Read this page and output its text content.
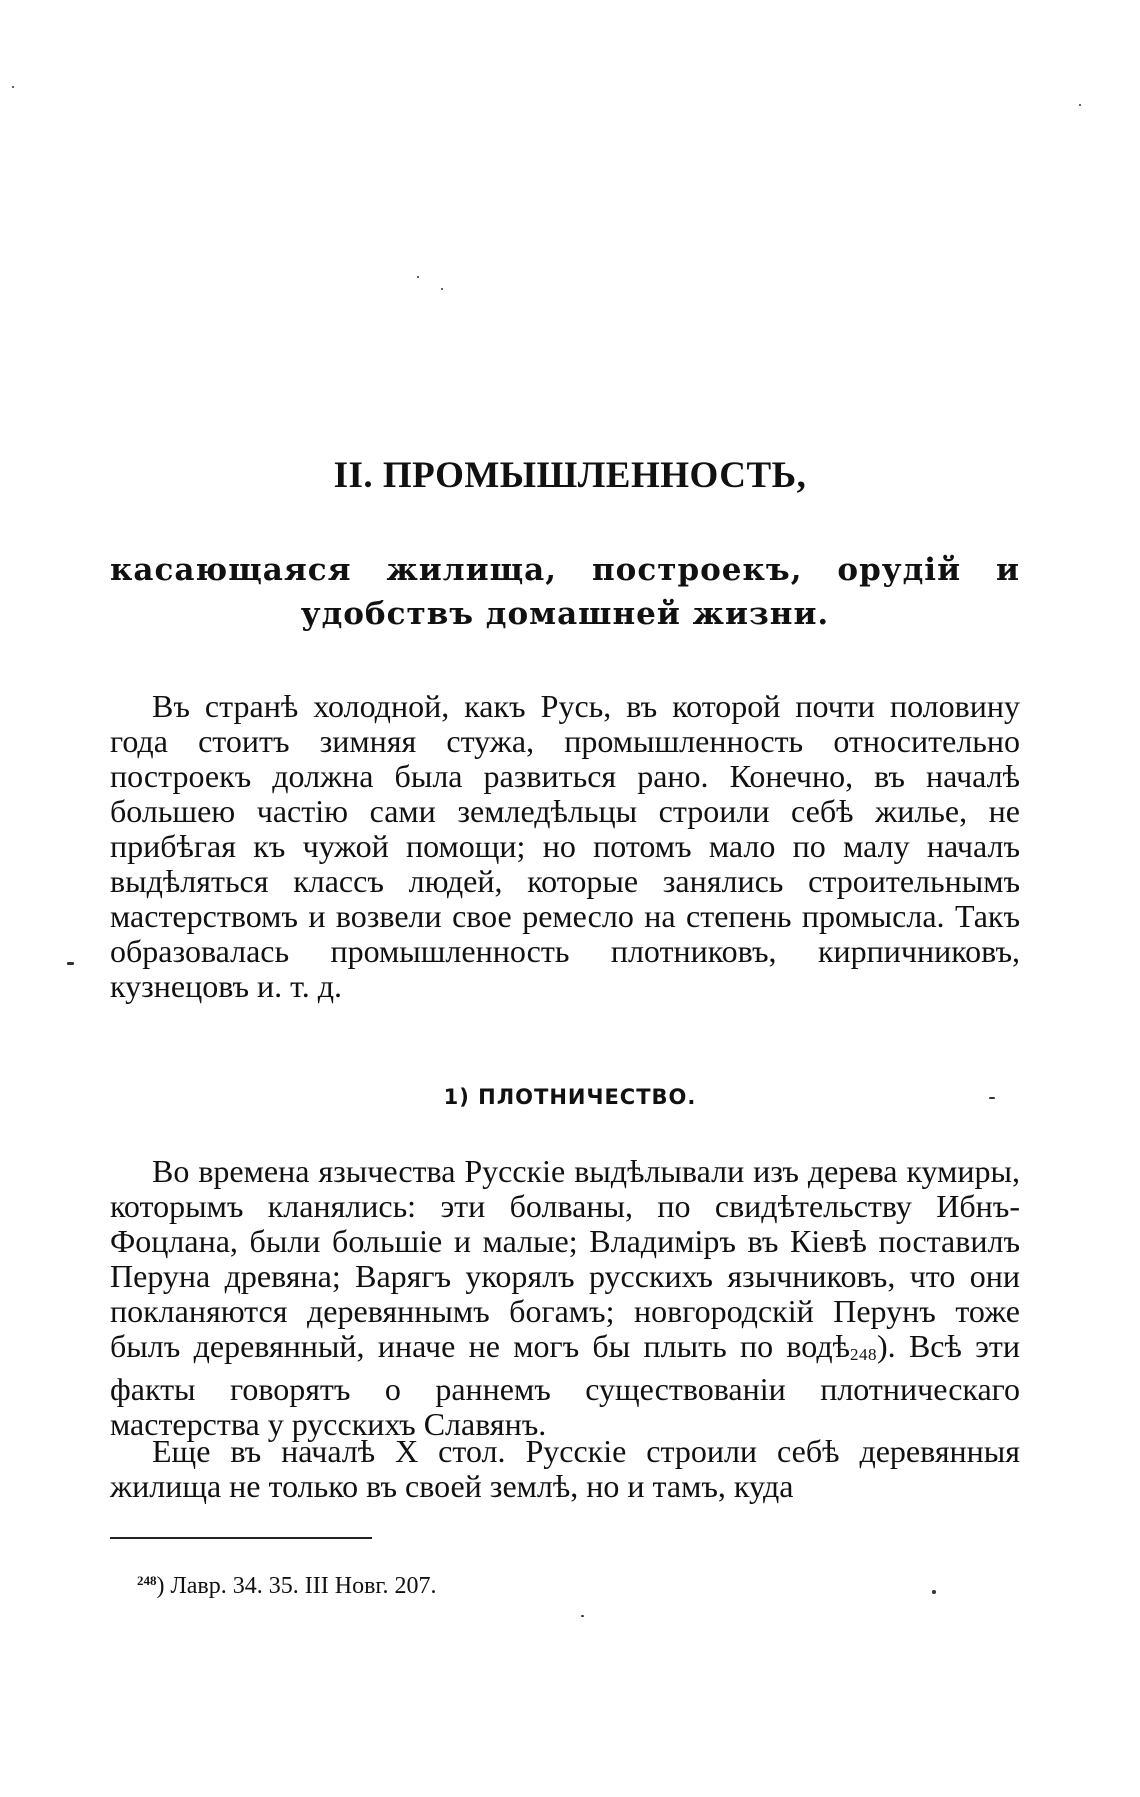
II. ПРОМЫШЛЕННОСТЬ,
касающаяся жилища, построекъ, орудій и удобствъ домашней жизни.

Въ странѣ холодной, какъ Русь, въ которой почти половину года стоитъ зимняя стужа, промышленность относительно построекъ должна была развиться рано. Конечно, въ началѣ большею частію сами земледѣльцы строили себѣ жилье, не прибѣгая къ чужой помощи; но потомъ мало по малу началъ выдѣляться классъ людей, которые занялись строительнымъ мастерствомъ и возвели свое ремесло на степень промысла. Такъ образовалась промышленность плотниковъ, кирпичниковъ, кузнецовъ и. т. д.

1) ПЛОТНИЧЕСТВО.

Во времена язычества Русскіе выдѣлывали изъ дерева кумиры, которымъ кланялись: эти болваны, по свидѣтельству Ибнъ-Фоцлана, были большіе и малые; Владиміръ въ Кіевѣ поставилъ Перуна древяна; Варягъ укорялъ русскихъ язычниковъ, что они покланяются деревяннымъ богамъ; новгородскій Перунъ тоже былъ деревянный, иначе не могъ бы плыть по водѣ248). Всѣ эти факты говорятъ о раннемъ существованіи плотническаго мастерства у русскихъ Славянъ.

Еще въ началѣ X стол. Русскіе строили себѣ деревянныя жилища не только въ своей землѣ, но и тамъ, куда

$^{248}$) Лавр. 34. 35. III Новг. 207.
